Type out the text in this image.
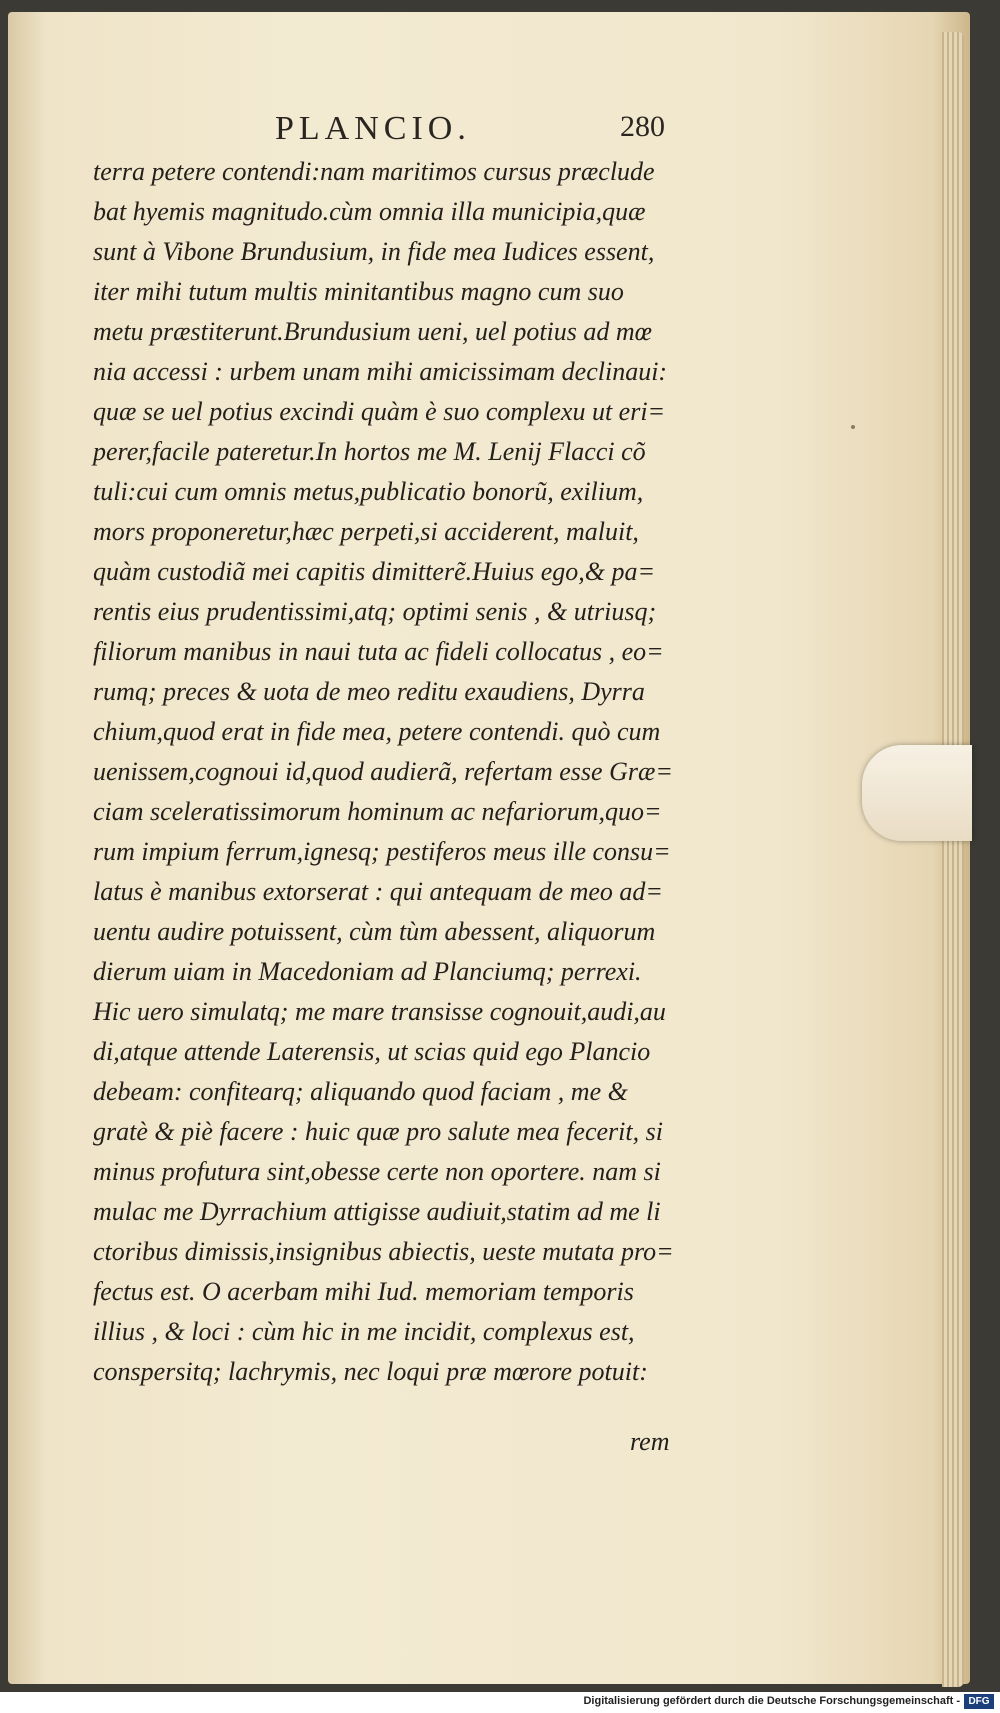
PLANCIO.	280
terra petere contendi:nam maritimos cursus præclude
bat hyemis magnitudo.cùm omnia illa municipia,quæ
sunt à Vibone Brundusium, in fide mea Iudices essent,
iter mihi tutum multis minitantibus magno cum suo
metu præstiterunt.Brundusium ueni, uel potius ad mœ
nia accessi : urbem unam mihi amicissimam declinaui:
quæ se uel potius excindi quàm è suo complexu ut eri=
perer,facile pateretur.In hortos me M. Lenij Flacci cõ
tuli:cui cum omnis metus,publicatio bonorũ, exilium,
mors proponeretur,hæc perpeti,si acciderent, maluit,
quàm custodiã mei capitis dimitterẽ.Huius ego,& pa=
rentis eius prudentissimi,atq; optimi senis , & utriusq;
filiorum manibus in naui tuta ac fideli collocatus , eo=
rumq; preces & uota de meo reditu exaudiens, Dyrra
chium,quod erat in fide mea, petere contendi. quò cum
uenissem,cognoui id,quod audierã, refertam esse Græ=
ciam sceleratissimorum hominum ac nefariorum,quo=
rum impium ferrum,ignesq; pestiferos meus ille consu=
latus è manibus extorserat : qui antequam de meo ad=
uentu audire potuissent, cùm tùm abessent, aliquorum
dierum uiam in Macedoniam ad Planciumq; perrexi.
Hic uero simulatq; me mare transisse cognouit,audi,au
di,atque attende Laterensis, ut scias quid ego Plancio
debeam: confitearq; aliquando quod faciam , me &
gratè & piè facere : huic quæ pro salute mea fecerit, si
minus profutura sint,obesse certe non oportere. nam si
mulac me Dyrrachium attigisse audiuit,statim ad me li
ctoribus dimissis,insignibus abiectis, ueste mutata pro=
fectus est. O acerbam mihi Iud. memoriam temporis
illius , & loci : cùm hic in me incidit, complexus est,
conspersitq; lachrymis, nec loqui præ mœrore potuit:
rem
Digitalisierung gefördert durch die Deutsche Forschungsgemeinschaft - DFG
